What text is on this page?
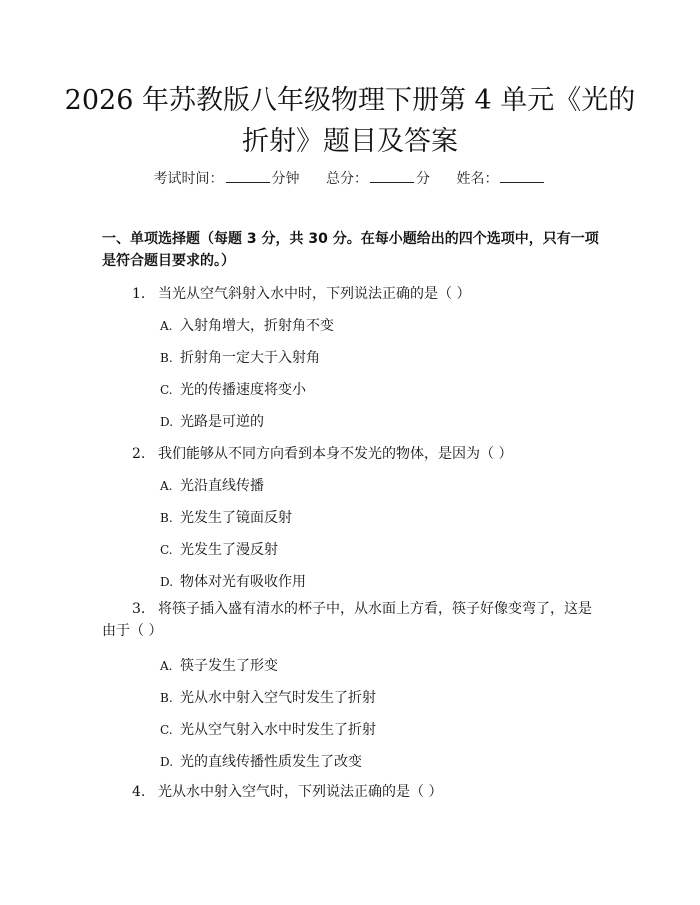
2026 年苏教版八年级物理下册第 4 单元《光的折射》题目及答案
考试时间：	分钟 总分：	分 姓名：
一、单项选择题（每题 3 分，共 30 分。在每小题给出的四个选项中，只有一项是符合题目要求的。）
1. 当光从空气斜射入水中时，下列说法正确的是（ ）
A. 入射角增大，折射角不变
B. 折射角一定大于入射角
C. 光的传播速度将变小
D. 光路是可逆的
2. 我们能够从不同方向看到本身不发光的物体，是因为（ ）
A. 光沿直线传播
B. 光发生了镜面反射
C. 光发生了漫反射
D. 物体对光有吸收作用
3. 将筷子插入盛有清水的杯子中，从水面上方看，筷子好像变弯了，这是由于（ ）
A. 筷子发生了形变
B. 光从水中射入空气时发生了折射
C. 光从空气射入水中时发生了折射
D. 光的直线传播性质发生了改变
4. 光从水中射入空气时，下列说法正确的是（ ）
